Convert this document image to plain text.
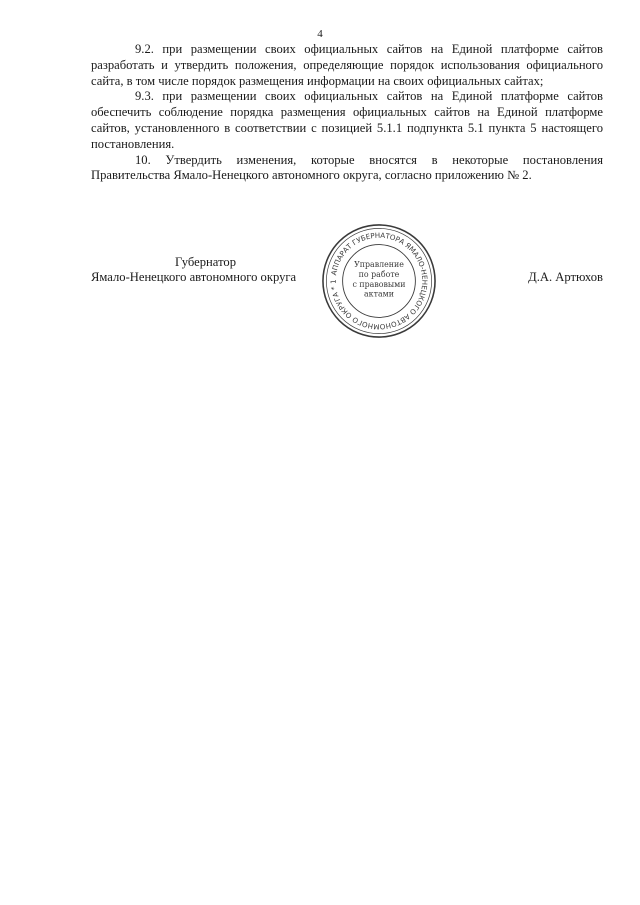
4

9.2. при размещении своих официальных сайтов на Единой платформе сайтов разработать и утвердить положения, определяющие порядок использования официального сайта, в том числе порядок размещения информации на своих официальных сайтах;

9.3. при размещении своих официальных сайтов на Единой платформе сайтов обеспечить соблюдение порядка размещения официальных сайтов на Единой платформе сайтов, установленного в соответствии с позицией 5.1.1 подпункта 5.1 пункта 5 настоящего постановления.

10. Утвердить изменения, которые вносятся в некоторые постановления Правительства Ямало-Ненецкого автономного округа, согласно приложению № 2.

Губернатор
Ямало-Ненецкого автономного округа	Д.А. Артюхов
АППАРАТ ГУБЕРНАТОРА ЯМАЛО-НЕНЕЦКОГО АВТОНОМНОГО ОКРУГА * 1
Управление
по работе
с правовыми
актами
